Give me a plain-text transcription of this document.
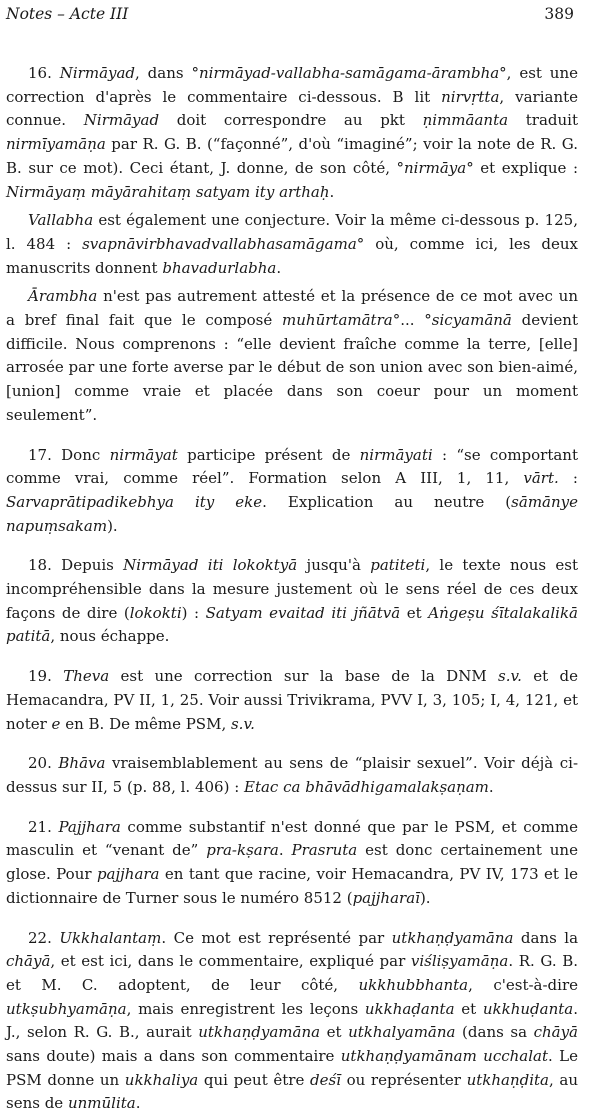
Notes – Acte III	389

16. Nirmāyad, dans °nirmāyad-vallabha-samāgama-ārambha°, est une correction d'après le commentaire ci-dessous. B lit nirvṛtta, variante connue. Nirmāyad doit correspondre au pkt ṇimmāanta traduit nirmīyamāṇa par R. G. B. (“façonné”, d'où “imaginé”; voir la note de R. G. B. sur ce mot). Ceci étant, J. donne, de son côté, °nirmāya° et explique : Nirmāyaṃ māyārahitaṃ satyam ity arthaḥ.

Vallabha est également une conjecture. Voir la même ci-dessous p. 125, l. 484 : svapnāvirbhavadvallabhasamāgama° où, comme ici, les deux manuscrits donnent bhavadurlabha.

Ārambha n'est pas autrement attesté et la présence de ce mot avec un a bref final fait que le composé muhūrtamātra°... °sicyamānā devient difficile. Nous comprenons : “elle devient fraîche comme la terre, [elle] arrosée par une forte averse par le début de son union avec son bien-aimé, [union] comme vraie et placée dans son coeur pour un moment seulement”.

17. Donc nirmāyat participe présent de nirmāyati : “se comportant comme vrai, comme réel”. Formation selon A III, 1, 11, vārt. : Sarvaprātipadikebhya ity eke. Explication au neutre (sāmānye napuṃsakam).

18. Depuis Nirmāyad iti lokoktyā jusqu'à patiteti, le texte nous est incompréhensible dans la mesure justement où le sens réel de ces deux façons de dire (lokokti) : Satyam evaitad iti jñātvā et Aṅgeṣu śītalakalikā patitā, nous échappe.

19. Theva est une correction sur la base de la DNM s.v. et de Hemacandra, PV II, 1, 25. Voir aussi Trivikrama, PVV I, 3, 105; I, 4, 121, et noter e en B. De même PSM, s.v.

20. Bhāva vraisemblablement au sens de “plaisir sexuel”. Voir déjà ci-dessus sur II, 5 (p. 88, l. 406) : Etac ca bhāvādhigamalakṣaṇam.

21. Pajjhara comme substantif n'est donné que par le PSM, et comme masculin et “venant de” pra-kṣara. Prasruta est donc certainement une glose. Pour pajjhara en tant que racine, voir Hemacandra, PV IV, 173 et le dictionnaire de Turner sous le numéro 8512 (pajjharaī).

22. Ukkhalantaṃ. Ce mot est représenté par utkhaṇḍyamāna dans la chāyā, et est ici, dans le commentaire, expliqué par viśliṣyamāṇa. R. G. B. et M. C. adoptent, de leur côté, ukkhubbhanta, c'est-à-dire utkṣubhyamāṇa, mais enregistrent les leçons ukkhaḍanta et ukkhuḍanta. J., selon R. G. B., aurait utkhaṇḍyamāna et utkhalyamāna (dans sa chāyā sans doute) mais a dans son commentaire utkhaṇḍyamānam ucchalat. Le PSM donne un ukkhaliya qui peut être deśī ou représenter utkhaṇḍita, au sens de unmūlita.
